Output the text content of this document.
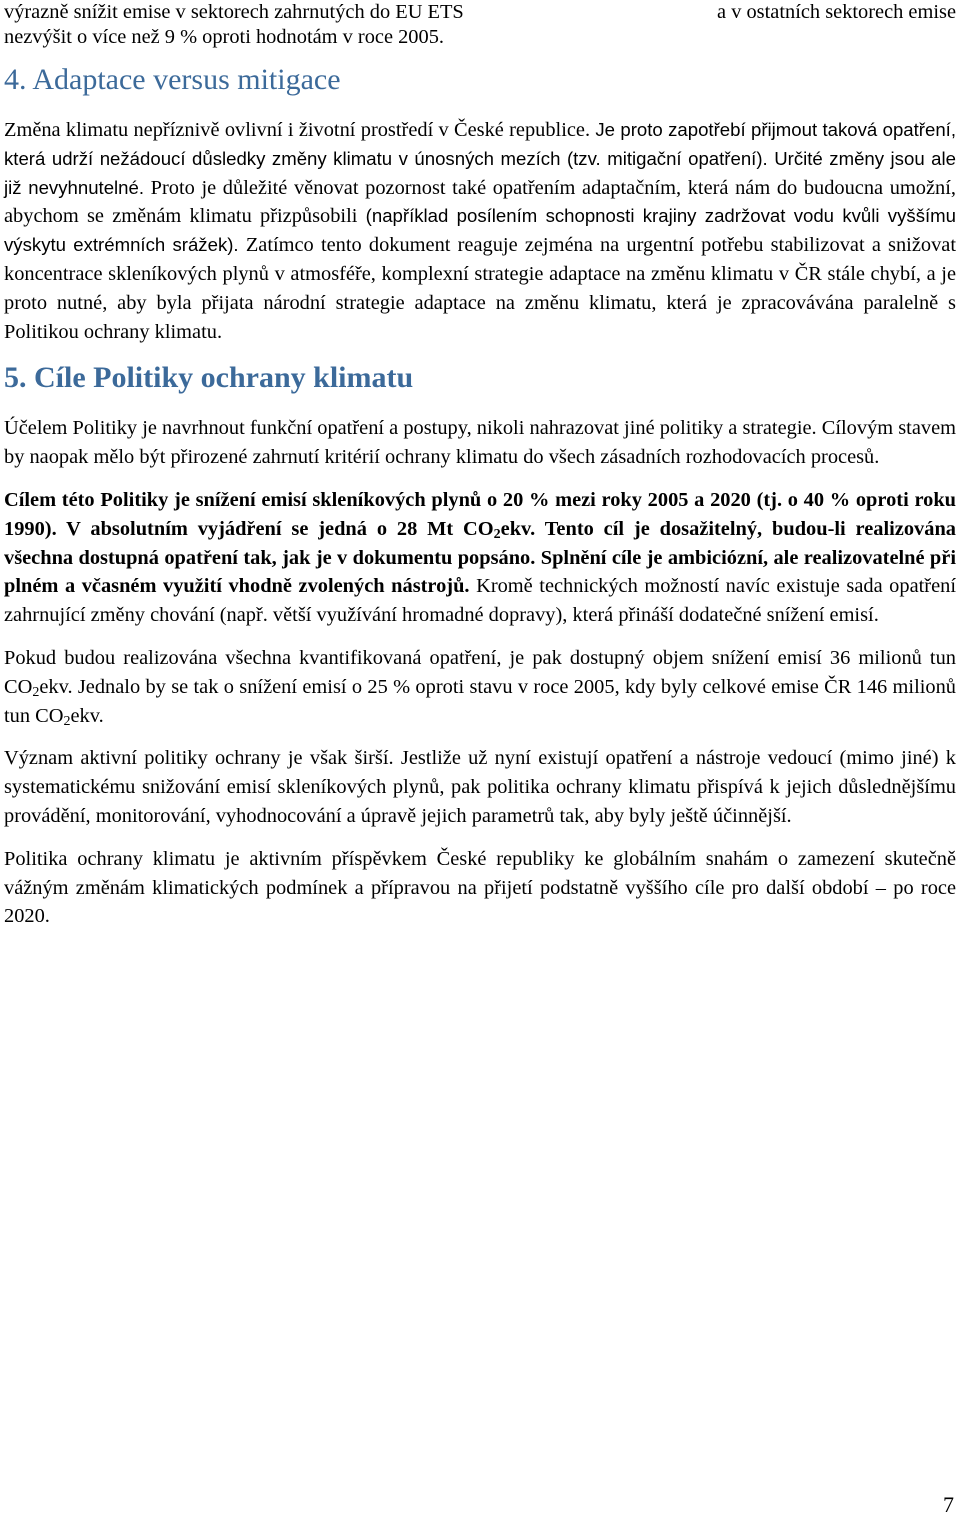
výrazně snížit emise v sektorech zahrnutých do EU ETS	a v ostatních sektorech emise

nezvýšit o více než 9 % oproti hodnotám v roce 2005.

4. Adaptace versus mitigace

Změna klimatu nepříznivě ovlivní i životní prostředí v České republice. Je proto zapotřebí přijmout taková opatření, která udrží nežádoucí důsledky změny klimatu v únosných mezích (tzv. mitigační opatření). Určité změny jsou ale již nevyhnutelné. Proto je důležité věnovat pozornost také opatřením adaptačním, která nám do budoucna umožní, abychom se změnám klimatu přizpůsobili (například posílením schopnosti krajiny zadržovat vodu kvůli vyššímu výskytu extrémních srážek). Zatímco tento dokument reaguje zejména na urgentní potřebu stabilizovat a snižovat koncentrace skleníkových plynů v atmosféře, komplexní strategie adaptace na změnu klimatu v ČR stále chybí, a je proto nutné, aby byla přijata národní strategie adaptace na změnu klimatu, která je zpracovávána paralelně s Politikou ochrany klimatu.

5. Cíle Politiky ochrany klimatu

Účelem Politiky je navrhnout funkční opatření a postupy, nikoli nahrazovat jiné politiky a strategie. Cílovým stavem by naopak mělo být přirozené zahrnutí kritérií ochrany klimatu do všech zásadních rozhodovacích procesů.

Cílem této Politiky je snížení emisí skleníkových plynů o 20 % mezi roky 2005 a 2020 (tj. o 40 % oproti roku 1990). V absolutním vyjádření se jedná o 28 Mt $CO_2ekv$. Tento cíl je dosažitelný, budou-li realizována všechna dostupná opatření tak, jak je v dokumentu popsáno. Splnění cíle je ambiciózní, ale realizovatelné při plném a včasném využití vhodně zvolených nástrojů. Kromě technických možností navíc existuje sada opatření zahrnující změny chování (např. větší využívání hromadné dopravy), která přináší dodatečné snížení emisí.

Pokud budou realizována všechna kvantifikovaná opatření, je pak dostupný objem snížení emisí 36 milionů tun $CO_2ekv$. Jednalo by se tak o snížení emisí o 25 % oproti stavu v roce 2005, kdy byly celkové emise ČR 146 milionů tun $CO_2ekv$.

Význam aktivní politiky ochrany je však širší. Jestliže už nyní existují opatření a nástroje vedoucí (mimo jiné) k systematickému snižování emisí skleníkových plynů, pak politika ochrany klimatu přispívá k jejich důslednějšímu provádění, monitorování, vyhodnocování a úpravě jejich parametrů tak, aby byly ještě účinnější.

Politika ochrany klimatu je aktivním příspěvkem České republiky ke globálním snahám o zamezení skutečně vážným změnám klimatických podmínek a přípravou na přijetí podstatně vyššího cíle pro další období – po roce 2020.

7
